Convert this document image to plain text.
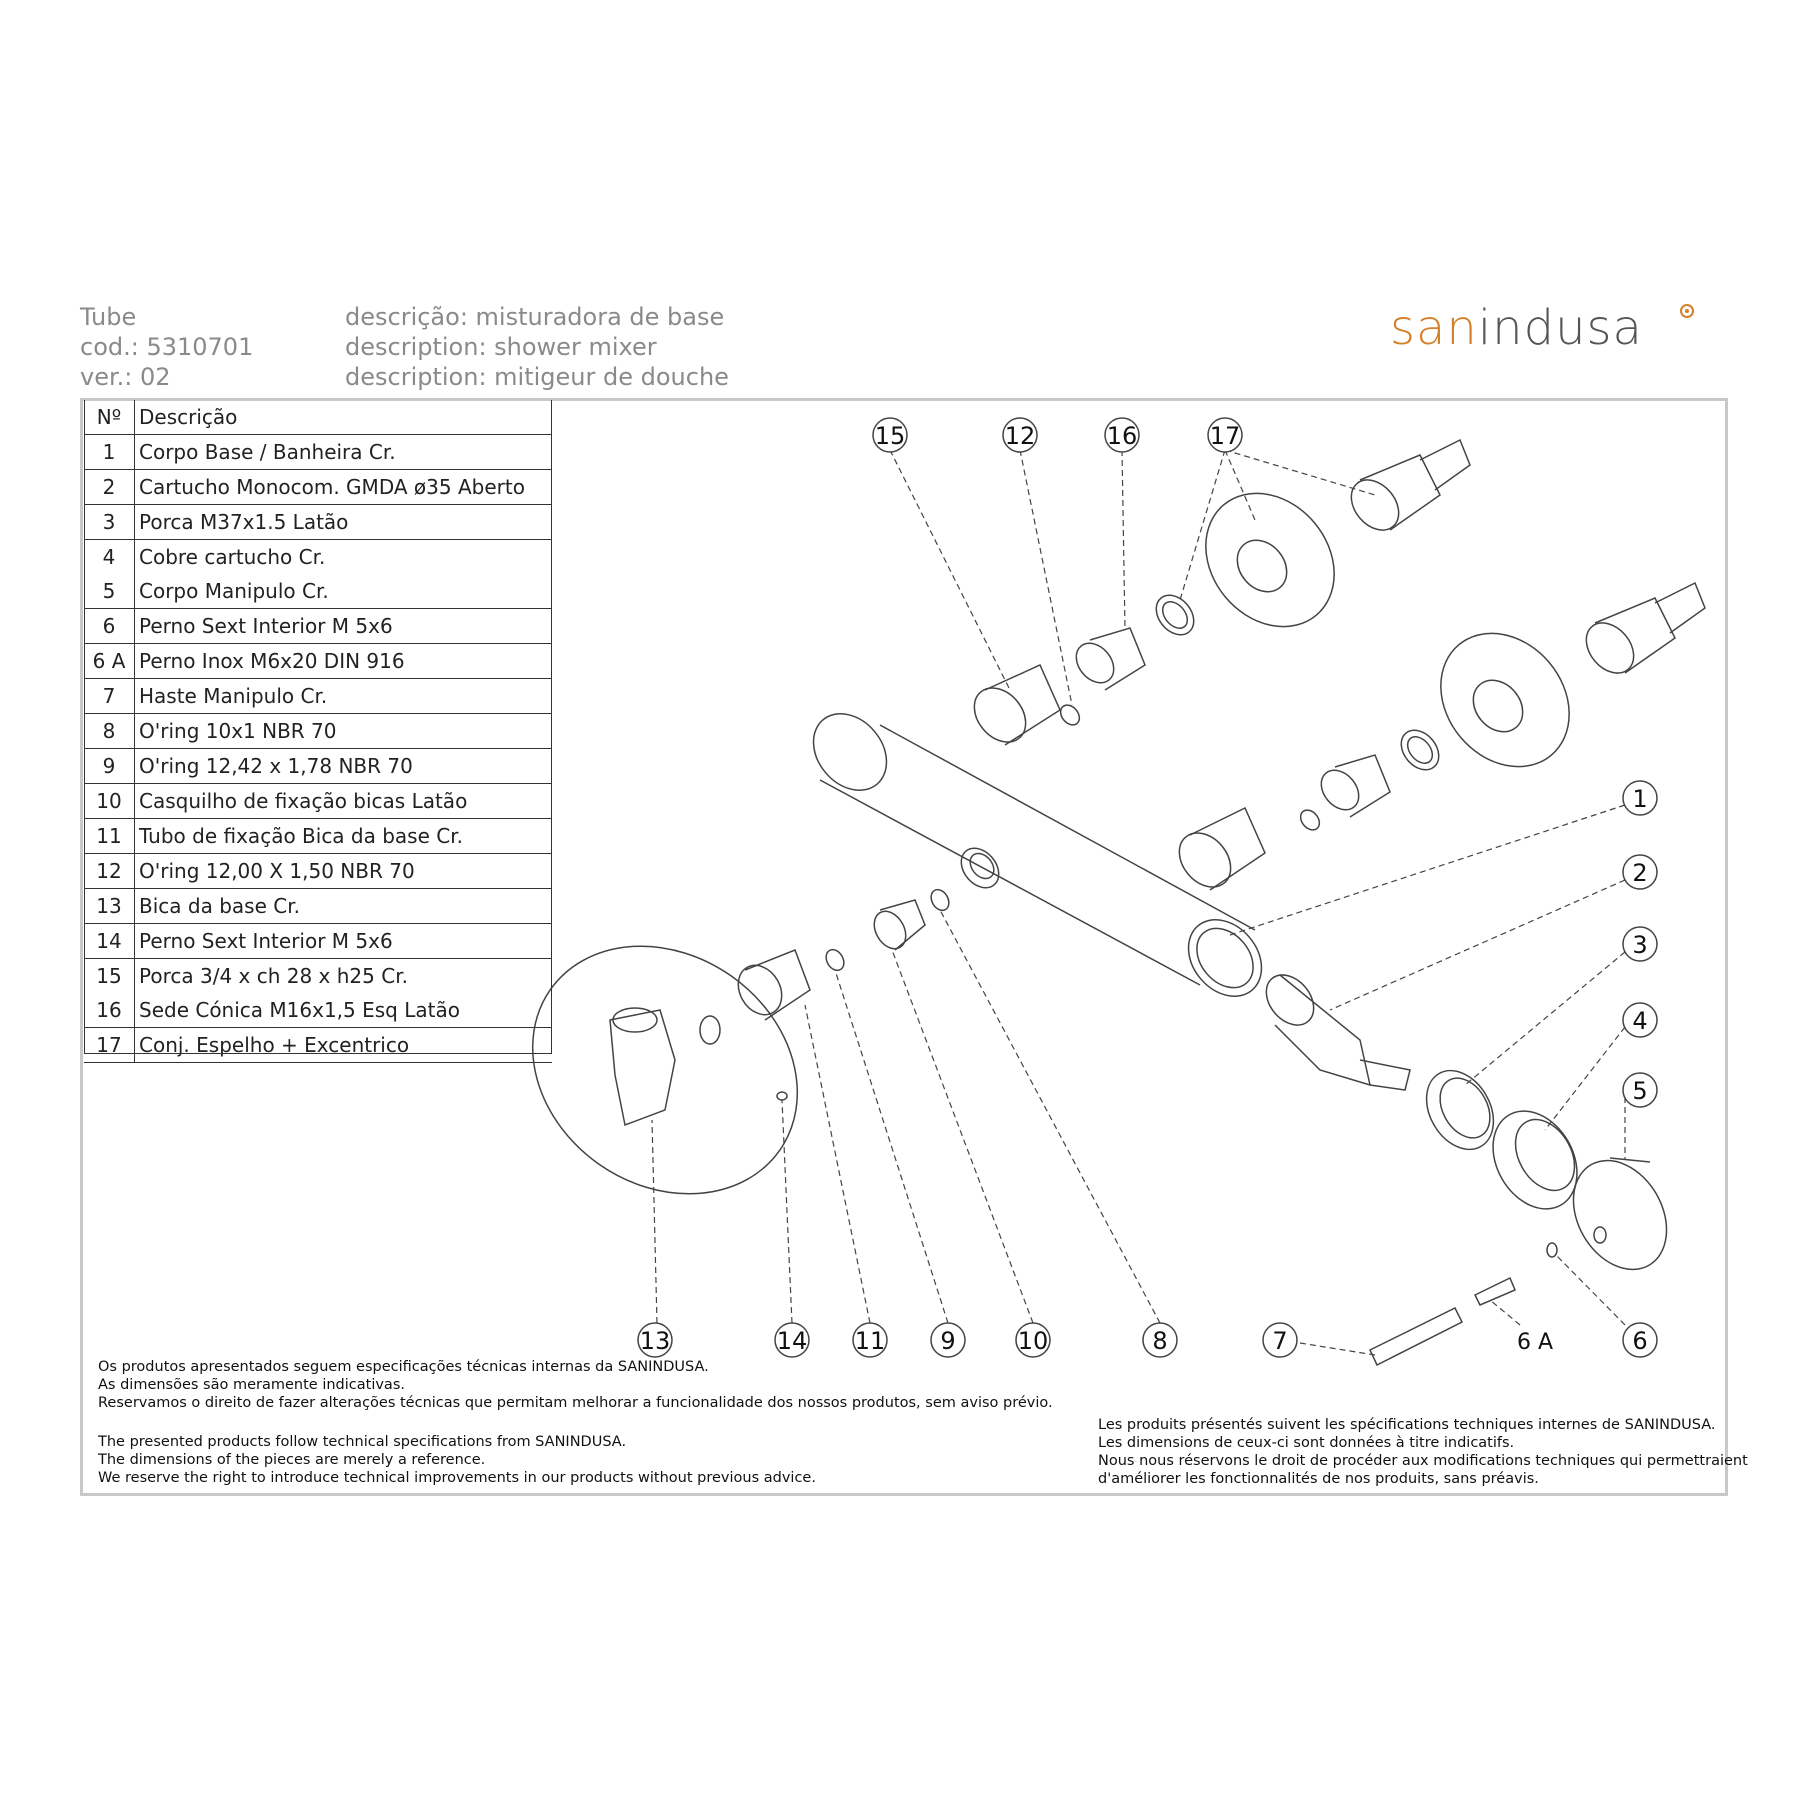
Tube
cod.: 5310701
ver.: 02
descrição: misturadora de base
description: shower mixer
description: mitigeur de douche
sanindusa
Nº	Descrição
1	Corpo Base / Banheira Cr.
2	Cartucho Monocom. GMDA ø35 Aberto
3	Porca M37x1.5 Latão
4	Cobre cartucho Cr.
5	Corpo Manipulo Cr.
6	Perno Sext Interior M 5x6
6 A	Perno Inox M6x20 DIN 916
7	Haste Manipulo Cr.
8	O'ring 10x1 NBR 70
9	O'ring 12,42 x 1,78 NBR 70
10	Casquilho de fixação bicas Latão
11	Tubo de fixação Bica da base Cr.
12	O'ring 12,00 X 1,50 NBR 70
13	Bica da base Cr.
14	Perno Sext Interior M 5x6
15	Porca 3/4 x ch 28 x h25 Cr.
16	Sede Cónica M16x1,5 Esq Latão
17	Conj. Espelho + Excentrico
15	12	16	17
1
2
3
4
5
13	14 11 9	10	8	7	6 A	6

Os produtos apresentados seguem especificações técnicas internas da SANINDUSA.

As dimensões são meramente indicativas.

Reservamos o direito de fazer alterações técnicas que permitam melhorar a funcionalidade dos nossos produtos, sem aviso prévio.

The presented products follow technical specifications from SANINDUSA.

The dimensions of the pieces are merely a reference.

We reserve the right to introduce technical improvements in our products without previous advice.

Les produits présentés suivent les spécifications techniques internes de SANINDUSA.

Les dimensions de ceux-ci sont données à titre indicatifs.

Nous nous réservons le droit de procéder aux modifications techniques qui permettraient

d'améliorer les fonctionnalités de nos produits, sans préavis.
